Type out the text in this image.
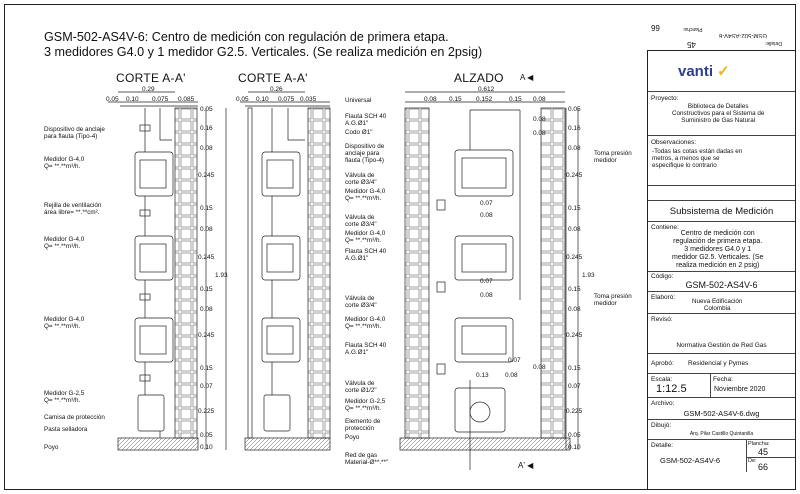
66
GSM-502-AS4V-6
45
Plancha:
Detalle:
GSM-502-AS4V-6: Centro de medición con regulación de primera etapa.
3 medidores G4.0 y 1 medidor G2.5. Verticales. (Se realiza medición en 2psig)
CORTE A-A'	CORTE A-A'	ALZADO A ◀
A' ◀
0.29
0.05 0.10 0.075 0.085
0.26
0.05 0.10 0.075 0.035
0.612
0.08 0.15 0.152	0.15 0.08
0.05
0.16
0.08
0.245
0.15
0.08
0.245
0.15
0.08
0.245
0.15
0.07
0.225
0.05
0.10
1.93
0.05
0.16
0.08
0.245
0.15
0.08
0.245
0.15
0.08
0.245
0.15
0.07
0.225
0.05
0.10
1.93
0.08
0.08
0.07
0.08
0.07
0.08
0.07
0.08
0.13	0.08
Dispositivo de anclaje
para flauta (Tipo-4)
Medidor G-4,0
Q= **.**m³/h.
Rejilla de ventilación
área libre= **.**cm².
Medidor G-4,0
Q= **.**m³/h.
Medidor G-4,0
Q= **.**m³/h.
Medidor G-2,5
Q= **.**m³/h.
Camisa de protección
Pasta selladora
Poyo
Universal
Flauta SCH 40
A.G.Ø1"
Codo Ø1"
Dispositivo de
anclaje para
flauta (Tipo-4)
Válvula de
corte Ø3/4"
Medidor G-4,0
Q= **.**m³/h.
Válvula de
corte Ø3/4"
Medidor G-4,0
Q= **.**m³/h.
Flauta SCH 40
A.G.Ø1"
Válvula de
corte Ø3/4"
Medidor G-4,0
Q= **.**m³/h.
Flauta SCH 40
A.G.Ø1"
Válvula de
corte Ø1/2"
Medidor G-2,5
Q= **.**m³/h.
Elemento de
protección
Poyo
Red de gas
Material-Ø**.**"
Toma presión
medidor
Toma presión
medidor
vanti ✓
Proyecto:
Biblioteca de Detalles
Constructivos para el Sistema de
Suministro de Gas Natural
Observaciones:
-Todas las cotas están dadas en
metros, a menos que se
especifique lo contrario
Subsistema de Medición
Contiene:
Centro de medición con
regulación de primera etapa.
3 medidores G4.0 y 1
medidor G2.5. Verticales. (Se
realiza medición en 2 psig)
Código:
GSM-502-AS4V-6
Elaboró:
Nueva Edificación
Colombia
Revisó:
Normativa Gestión de Red Gas
Aprobó: Residencial y Pymes
Escala:
1:12.5
Fecha:
Noviembre 2020
Archivo:
GSM-502-AS4V-6.dwg
Dibujó:
Arq. Pilar Castillo Quintanilla
Detalle:
GSM-502-AS4V-6
Plancha:
45
De:
66
